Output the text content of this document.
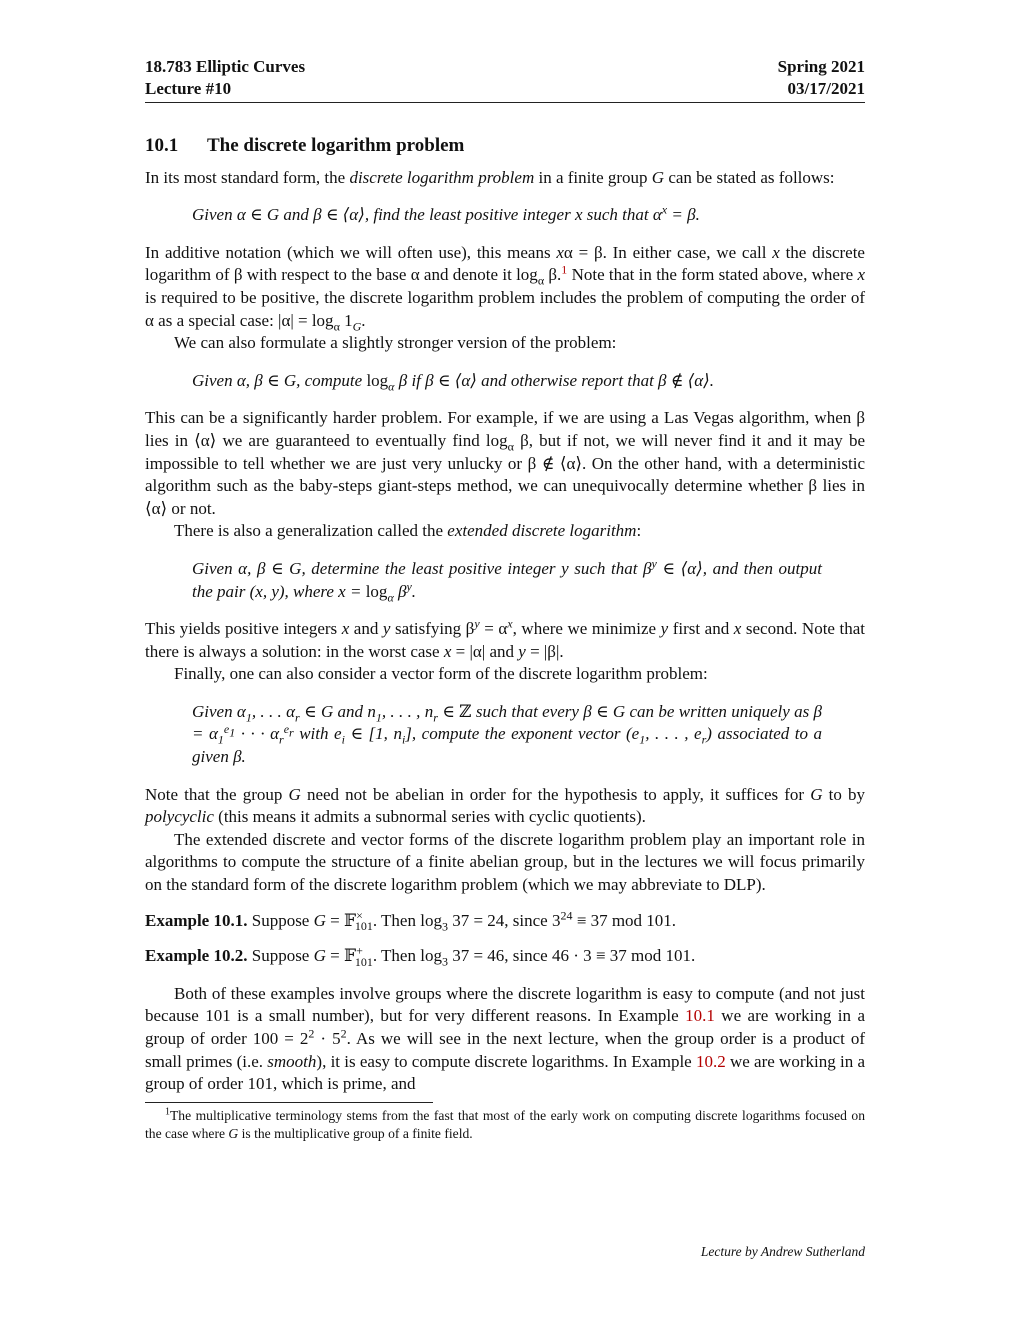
18.783 Elliptic Curves	Spring 2021
Lecture #10	03/17/2021
10.1 The discrete logarithm problem

In its most standard form, the discrete logarithm problem in a finite group G can be stated as follows:

Given α ∈ G and β ∈ ⟨α⟩, find the least positive integer x such that $\alpha^x = \beta$.

In additive notation (which we will often use), this means xα = β. In either case, we call x the discrete logarithm of β with respect to the base α and denote it $\log_\alpha \beta.^1$ Note that in the form stated above, where x is required to be positive, the discrete logarithm problem includes the problem of computing the order of α as a special case: $|\alpha| = \log_\alpha 1_G$.

We can also formulate a slightly stronger version of the problem:

Given α, β ∈ G, compute $\log_\alpha \beta$ if β ∈ ⟨α⟩ and otherwise report that β ∉ ⟨α⟩.

This can be a significantly harder problem. For example, if we are using a Las Vegas algorithm, when β lies in ⟨α⟩ we are guaranteed to eventually find $\log_\alpha \beta$, but if not, we will never find it and it may be impossible to tell whether we are just very unlucky or β ∉ ⟨α⟩. On the other hand, with a deterministic algorithm such as the baby-steps giant-steps method, we can unequivocally determine whether β lies in ⟨α⟩ or not.

There is also a generalization called the extended discrete logarithm:

Given α, β ∈ G, determine the least positive integer y such that $\beta^y$ ∈ ⟨α⟩, and then output the pair (x, y), where $x = \log_\alpha \beta^y$.

This yields positive integers x and y satisfying $\beta^y = \alpha^x$, where we minimize y first and x second. Note that there is always a solution: in the worst case x = |α| and y = |β|.

Finally, one can also consider a vector form of the discrete logarithm problem:

Given $\alpha_1$, . . . $\alpha_r$ ∈ G and $n_1$, . . . , $n_r$ ∈ ℤ such that every β ∈ G can be written uniquely as $\beta = \alpha_1^{e_1}$ · · · $\alpha_r^{e_r}$ with $e_i$ ∈ [1, $n_i$], compute the exponent vector ($e_1$, . . . , $e_r$) associated to a given β.

Note that the group G need not be abelian in order for the hypothesis to apply, it suffices for G to by polycyclic (this means it admits a subnormal series with cyclic quotients).

The extended discrete and vector forms of the discrete logarithm problem play an important role in algorithms to compute the structure of a finite abelian group, but in the lectures we will focus primarily on the standard form of the discrete logarithm problem (which we may abbreviate to DLP).

Example 10.1. Suppose G = 𝔽×$_{101}$. Then $\log_3 37 = 24$, since $3^{24} \equiv 37$ mod 101.

Example 10.2. Suppose G = 𝔽+$_{101}$. Then $\log_3 37 = 46$, since 46 · 3 ≡ 37 mod 101.

Both of these examples involve groups where the discrete logarithm is easy to compute (and not just because 101 is a small number), but for very different reasons. In Example 10.1 we are working in a group of order $100 = 2^2 \cdot 5^2$. As we will see in the next lecture, when the group order is a product of small primes (i.e. smooth), it is easy to compute discrete logarithms. In Example 10.2 we are working in a group of order 101, which is prime, and

$^1$The multiplicative terminology stems from the fast that most of the early work on computing discrete logarithms focused on the case where G is the multiplicative group of a finite field.

Lecture by Andrew Sutherland
